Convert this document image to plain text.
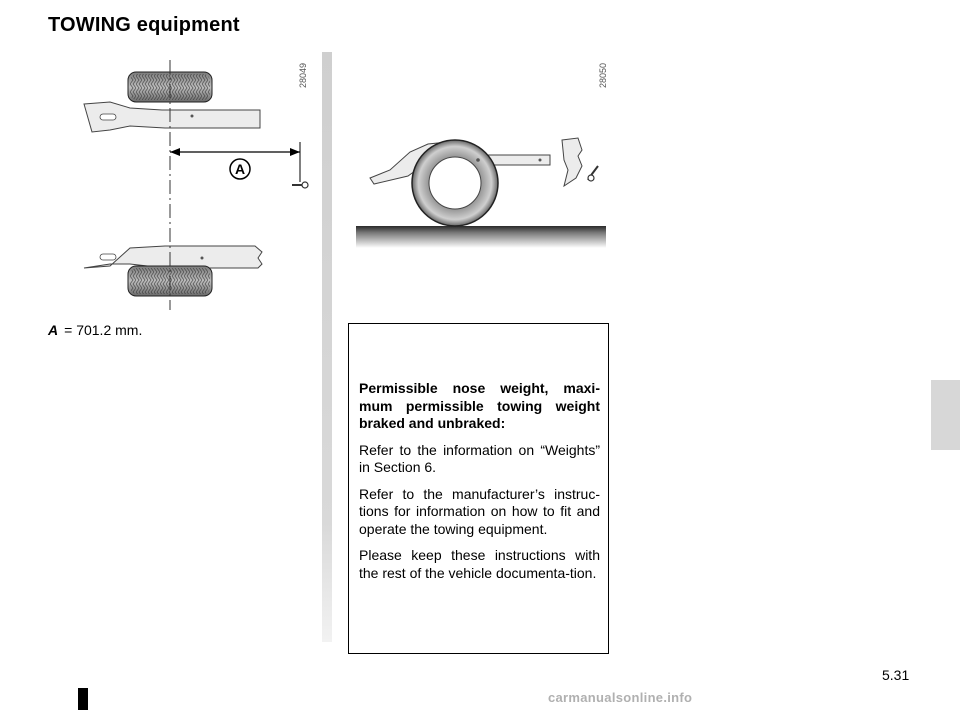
TOWING equipment
A
28049	28050
A = 701.2 mm.

Permissible nose weight, maxi-mum permissible towing weight braked and unbraked:

Refer to the information on “Weights” in Section 6.

Refer to the manufacturer’s instruc-tions for information on how to fit and operate the towing equipment.

Please keep these instructions with the rest of the vehicle documenta-tion.

5.31
carmanualsonline.info
